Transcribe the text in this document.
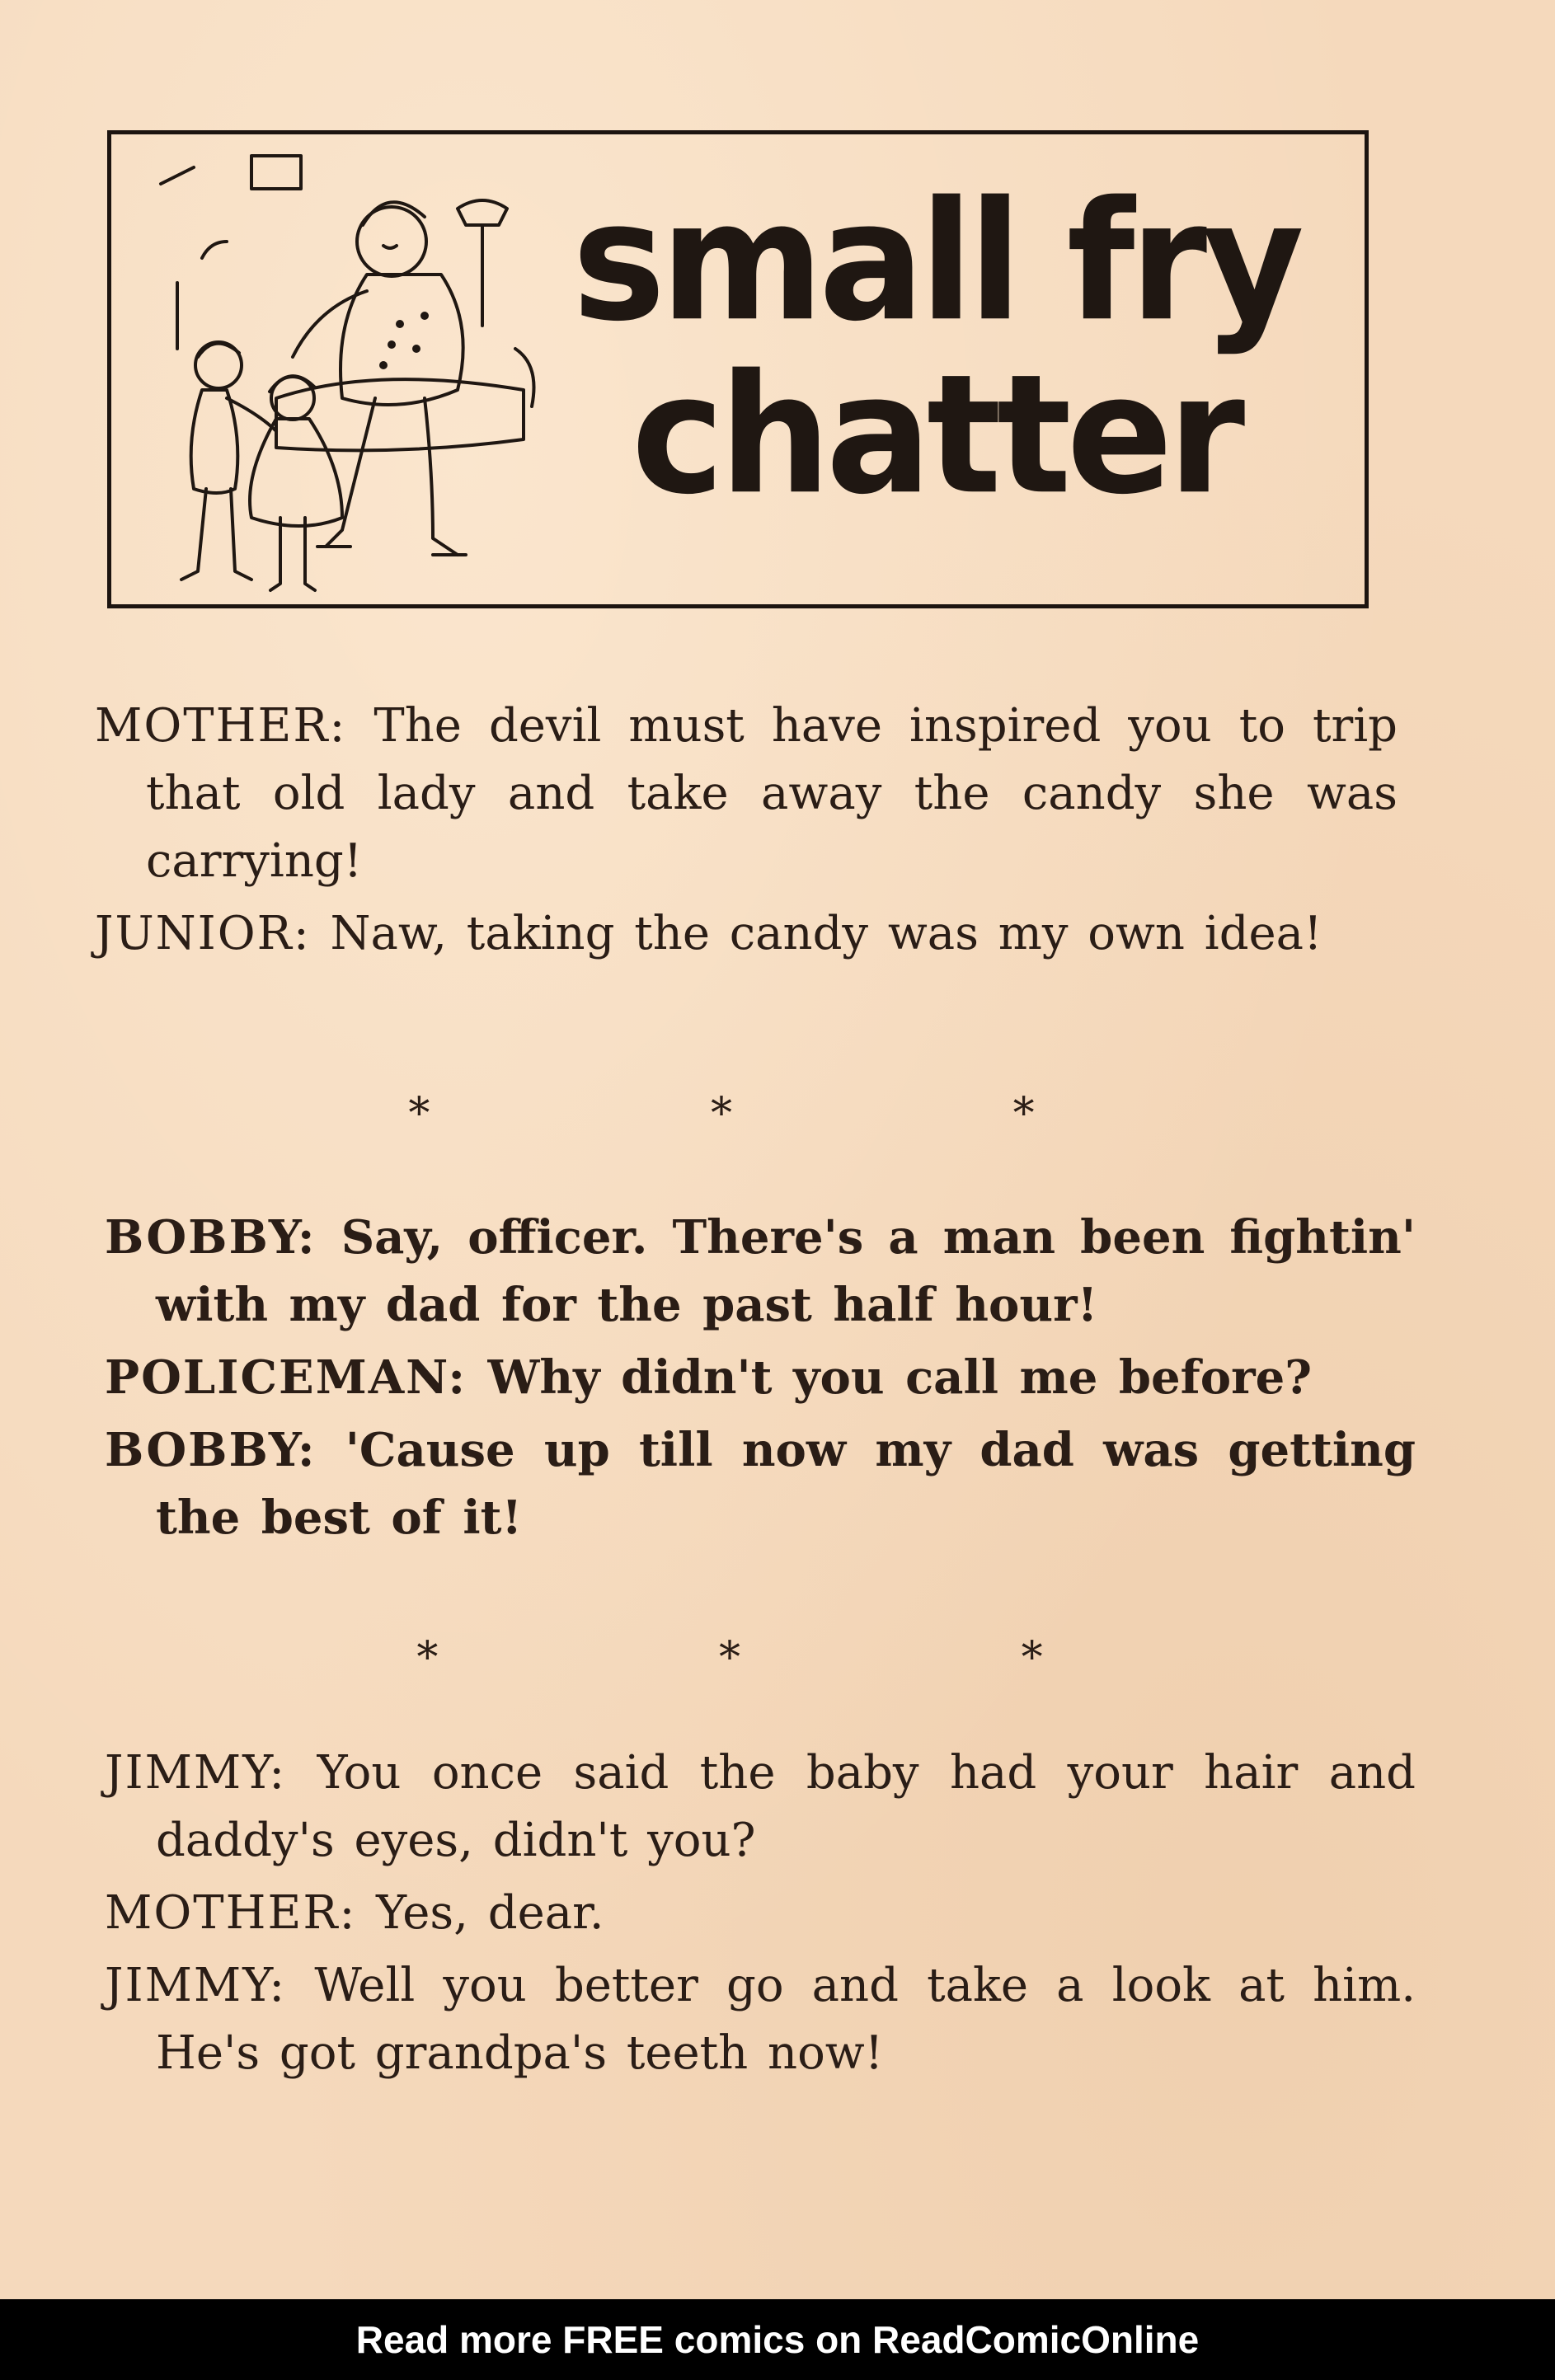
small fry
chatter

MOTHER: The devil must have inspired you to trip that old lady and take away the candy she was carrying!

JUNIOR: Naw, taking the candy was my own idea!

*	*	*

BOBBY: Say, officer. There's a man been fightin' with my dad for the past half hour!

POLICEMAN: Why didn't you call me before?

BOBBY: 'Cause up till now my dad was getting the best of it!

*	*	*

JIMMY: You once said the baby had your hair and daddy's eyes, didn't you?

MOTHER: Yes, dear.

JIMMY: Well you better go and take a look at him. He's got grandpa's teeth now!

Read more FREE comics on ReadComicOnline
